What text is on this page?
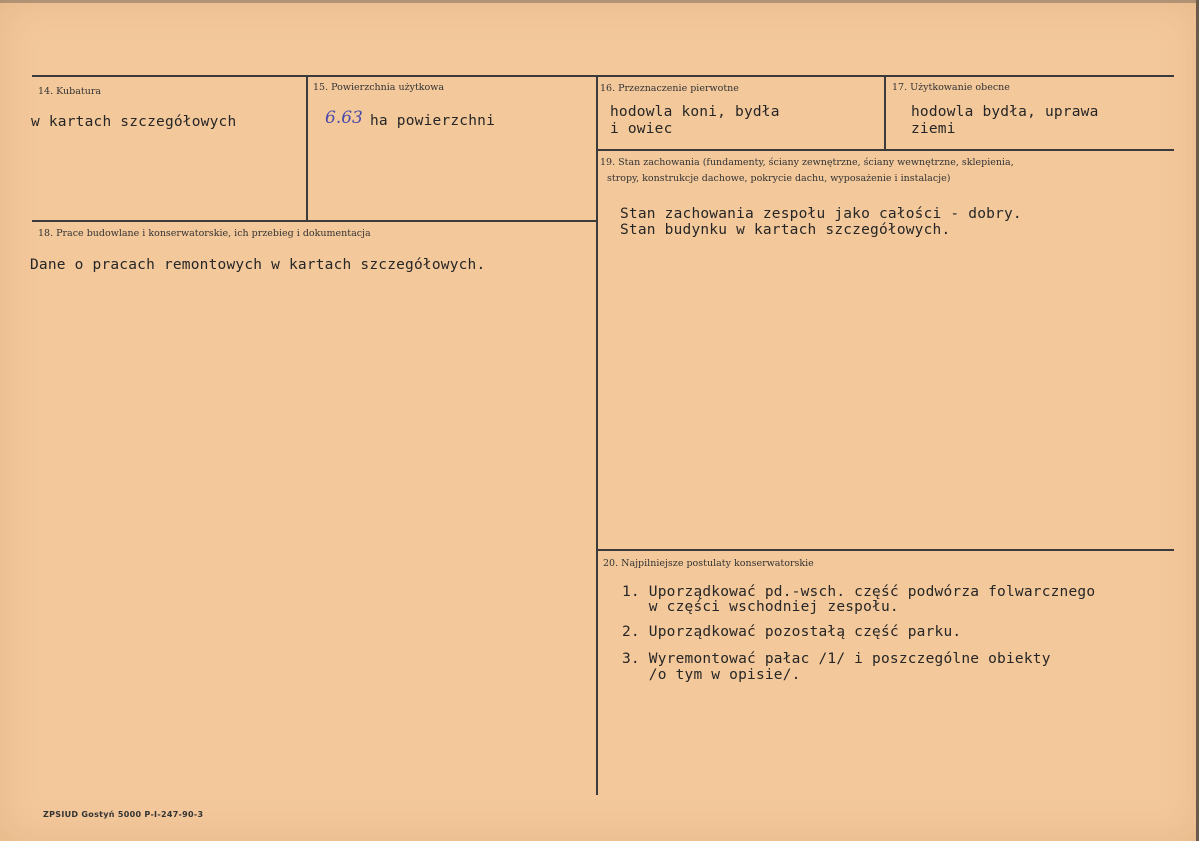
14. Kubatura
w kartach szczegółowych
15. Powierzchnia użytkowa
6.63 ha powierzchni
16. Przeznaczenie pierwotne
hodowla koni, bydła
i owiec
17. Użytkowanie obecne
hodowla bydła, uprawa
ziemi
18. Prace budowlane i konserwatorskie, ich przebieg i dokumentacja
Dane o pracach remontowych w kartach szczegółowych.
19. Stan zachowania (fundamenty, ściany zewnętrzne, ściany wewnętrzne, sklepienia,
stropy, konstrukcje dachowe, pokrycie dachu, wyposażenie i instalacje)
Stan zachowania zespołu jako całości - dobry.
Stan budynku w kartach szczegółowych.
20. Najpilniejsze postulaty konserwatorskie
1. Uporządkować pd.-wsch. część podwórza folwarcznego
w części wschodniej zespołu.
2. Uporządkować pozostałą część parku.
3. Wyremontować pałac /1/ i poszczególne obiekty
/o tym w opisie/.
ZPSIUD Gostyń 5000 P-I-247-90-3
